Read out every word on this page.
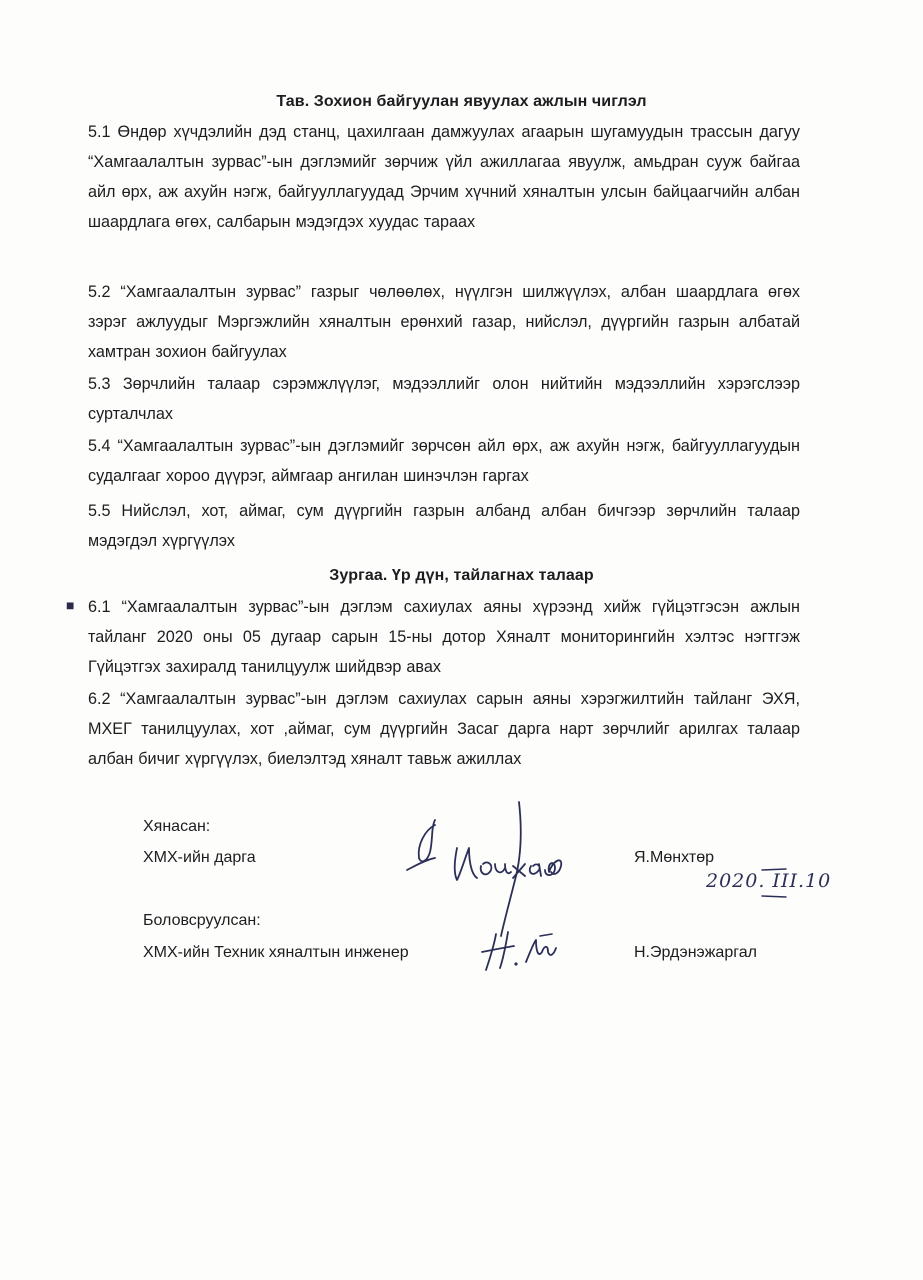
Тав. Зохион байгуулан явуулах ажлын чиглэл
5.1 Өндөр хүчдэлийн дэд станц, цахилгаан дамжуулах агаарын шугамуудын трассын дагуу “Хамгаалалтын зурвас”-ын дэглэмийг зөрчиж үйл ажиллагаа явуулж, амьдран сууж байгаа айл өрх, аж ахуйн нэгж, байгууллагуудад Эрчим хүчний хяналтын улсын байцаагчийн албан шаардлага өгөх, салбарын мэдэгдэх хуудас тараах
5.2 “Хамгаалалтын зурвас” газрыг чөлөөлөх, нүүлгэн шилжүүлэх, албан шаардлага өгөх зэрэг ажлуудыг Мэргэжлийн хяналтын ерөнхий газар, нийслэл, дүүргийн газрын албатай хамтран зохион байгуулах
5.3 Зөрчлийн талаар сэрэмжлүүлэг, мэдээллийг олон нийтийн мэдээллийн хэрэгслээр сурталчлах
5.4 “Хамгаалалтын зурвас”-ын дэглэмийг зөрчсөн айл өрх, аж ахуйн нэгж, байгууллагуудын судалгааг хороо дүүрэг, аймгаар ангилан шинэчлэн гаргах
5.5 Нийслэл, хот, аймаг, сум дүүргийн газрын албанд албан бичгээр зөрчлийн талаар мэдэгдэл хүргүүлэх
Зургаа. Үр дүн, тайлагнах талаар
■ 6.1 “Хамгаалалтын зурвас”-ын дэглэм сахиулах аяны хүрээнд хийж гүйцэтгэсэн ажлын тайланг 2020 оны 05 дугаар сарын 15-ны дотор Хяналт мониторингийн хэлтэс нэгтгэж Гүйцэтгэх захиралд танилцуулж шийдвэр авах
6.2 “Хамгаалалтын зурвас”-ын дэглэм сахиулах сарын аяны хэрэгжилтийн тайланг ЭХЯ, МХЕГ танилцуулах, хот ,аймаг, сум дүүргийн Засаг дарга нарт зөрчлийг арилгах талаар албан бичиг хүргүүлэх, биелэлтэд хяналт тавьж ажиллах
Хянасан:
ХМХ-ийн дарга	Я.Мөнхтөр
2020. III.10
Боловсруулсан:
ХМХ-ийн Техник хяналтын инженер	Н.Эрдэнэжаргал
